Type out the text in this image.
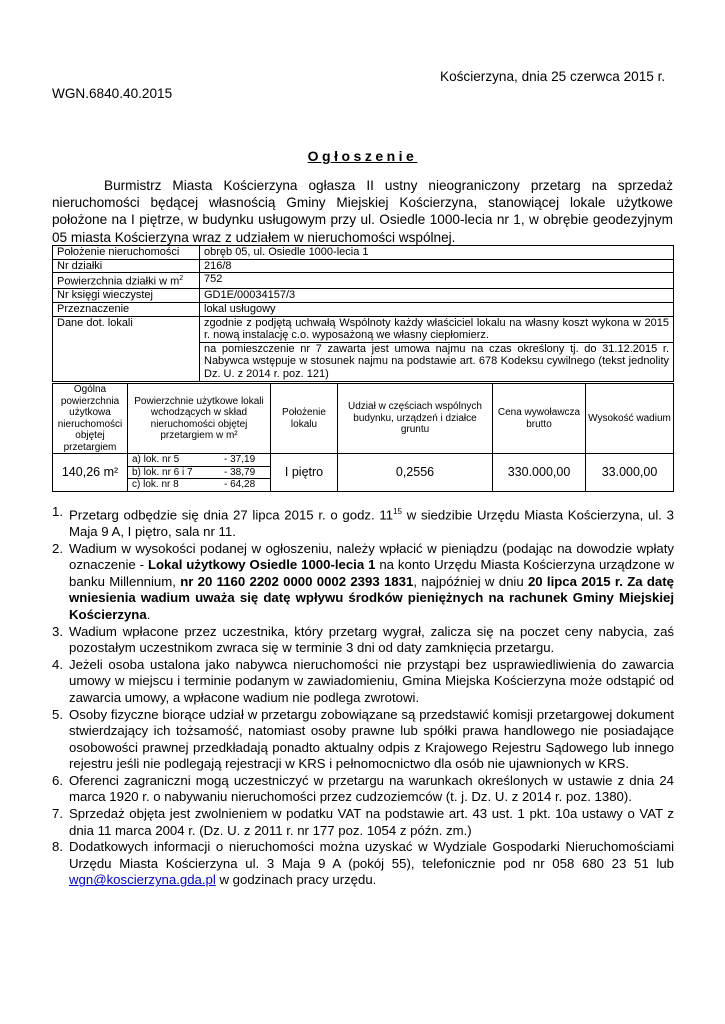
Kościerzyna, dnia 25 czerwca 2015 r.
WGN.6840.40.2015
Ogłoszenie
Burmistrz Miasta Kościerzyna ogłasza II ustny nieograniczony przetarg na sprzedaż nieruchomości będącej własnością Gminy Miejskiej Kościerzyna, stanowiącej lokale użytkowe położone na I piętrze, w budynku usługowym przy ul. Osiedle 1000-lecia nr 1, w obrębie geodezyjnym 05 miasta Kościerzyna wraz z udziałem w nieruchomości wspólnej.
Położenie nieruchomości	obręb 05, ul. Osiedle 1000-lecia 1
Nr działki	216/8
Powierzchnia działki w $m^2$	752
Nr księgi wieczystej	GD1E/00034157/3
Przeznaczenie	lokal usługowy
Dane dot. lokali	zgodnie z podjętą uchwałą Wspólnoty każdy właściciel lokalu na własny koszt wykona w 2015 r. nową instalację c.o. wyposażoną we własny ciepłomierz.
	na pomieszczenie nr 7 zawarta jest umowa najmu na czas określony tj. do 31.12.2015 r. Nabywca wstępuje w stosunek najmu na podstawie art. 678 Kodeksu cywilnego (tekst jednolity Dz. U. z 2014 r. poz. 121)
Ogólna powierzchnia użytkowa nieruchomości objętej przetargiem	Powierzchnie użytkowe lokali wchodzących w skład nieruchomości objętej przetargiem w m²	Położenie lokalu	Udział w częściach wspólnych budynku, urządzeń i działce gruntu	Cena wywoławcza brutto	Wysokość wadium
140,26 m²	a) lok. nr 5 - 37,19	I piętro	0,2556	330.000,00	33.000,00
	b) lok. nr 6 i 7 - 38,79				
	c) lok. nr 8 - 64,28				
1. Przetarg odbędzie się dnia 27 lipca 2015 r. o godz. $11^{15}$ w siedzibie Urzędu Miasta Kościerzyna, ul. 3 Maja 9 A, I piętro, sala nr 11.
2. Wadium w wysokości podanej w ogłoszeniu, należy wpłacić w pieniądzu (podając na dowodzie wpłaty oznaczenie - Lokal użytkowy Osiedle 1000-lecia 1 na konto Urzędu Miasta Kościerzyna urządzone w banku Millennium, nr 20 1160 2202 0000 0002 2393 1831, najpóźniej w dniu 20 lipca 2015 r. Za datę wniesienia wadium uważa się datę wpływu środków pieniężnych na rachunek Gminy Miejskiej Kościerzyna.
3. Wadium wpłacone przez uczestnika, który przetarg wygrał, zalicza się na poczet ceny nabycia, zaś pozostałym uczestnikom zwraca się w terminie 3 dni od daty zamknięcia przetargu.
4. Jeżeli osoba ustalona jako nabywca nieruchomości nie przystąpi bez usprawiedliwienia do zawarcia umowy w miejscu i terminie podanym w zawiadomieniu, Gmina Miejska Kościerzyna może odstąpić od zawarcia umowy, a wpłacone wadium nie podlega zwrotowi.
5. Osoby fizyczne biorące udział w przetargu zobowiązane są przedstawić komisji przetargowej dokument stwierdzający ich tożsamość, natomiast osoby prawne lub spółki prawa handlowego nie posiadające osobowości prawnej przedkładają ponadto aktualny odpis z Krajowego Rejestru Sądowego lub innego rejestru jeśli nie podlegają rejestracji w KRS i pełnomocnictwo dla osób nie ujawnionych w KRS.
6. Oferenci zagraniczni mogą uczestniczyć w przetargu na warunkach określonych w ustawie z dnia 24 marca 1920 r. o nabywaniu nieruchomości przez cudzoziemców (t. j. Dz. U. z 2014 r. poz. 1380).
7. Sprzedaż objęta jest zwolnieniem w podatku VAT na podstawie art. 43 ust. 1 pkt. 10a ustawy o VAT z dnia 11 marca 2004 r. (Dz. U. z 2011 r. nr 177 poz. 1054 z późn. zm.)
8. Dodatkowych informacji o nieruchomości można uzyskać w Wydziale Gospodarki Nieruchomościami Urzędu Miasta Kościerzyna ul. 3 Maja 9 A (pokój 55), telefonicznie pod nr 058 680 23 51 lub wgn@koscierzyna.gda.pl w godzinach pracy urzędu.
